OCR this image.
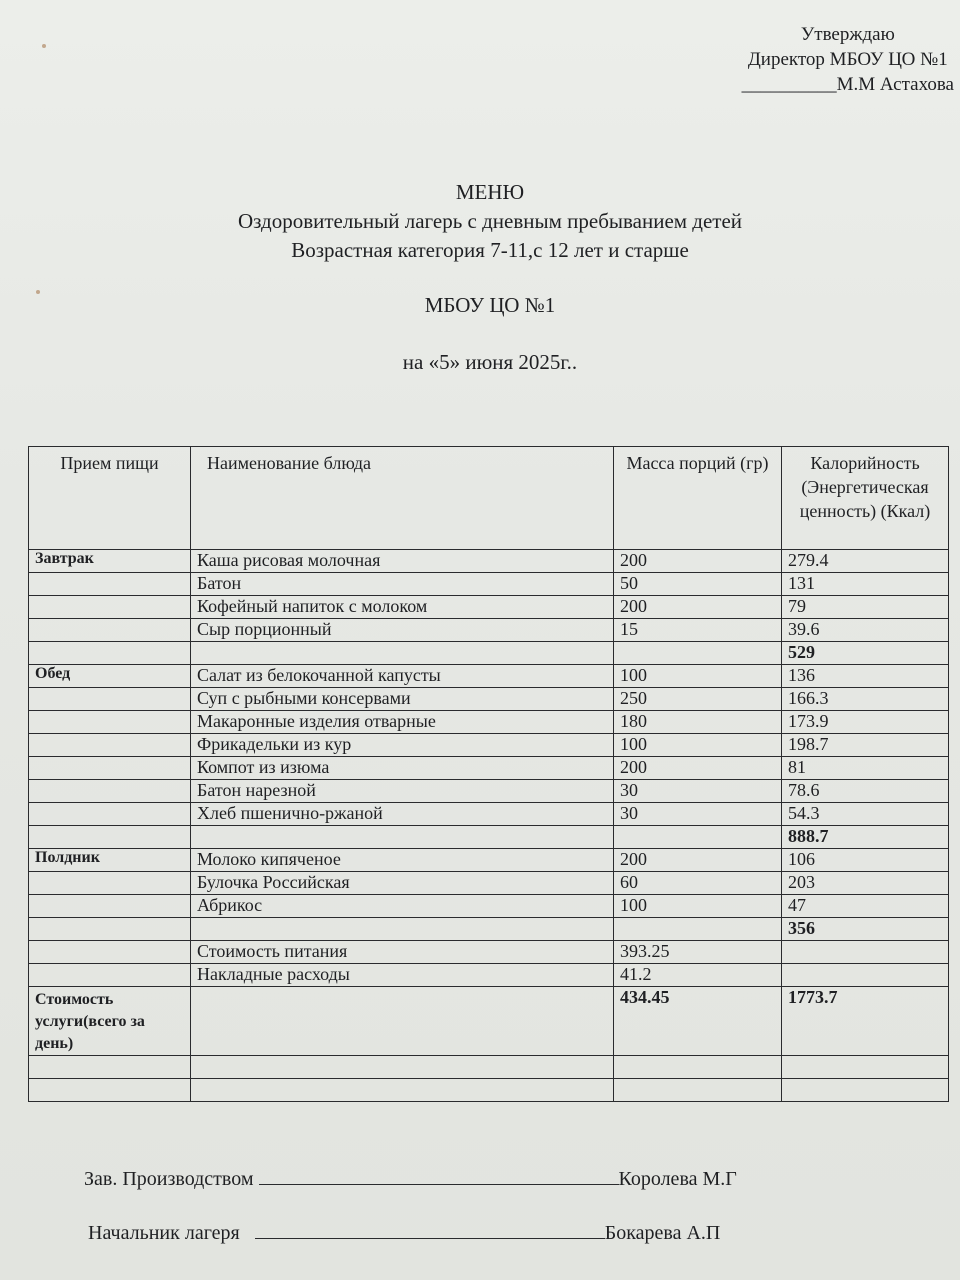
Утверждаю
Директор МБОУ ЦО №1
__________М.М Астахова
МЕНЮ
Оздоровительный лагерь с дневным пребыванием детей
Возрастная категория 7-11,с 12 лет и старше
МБОУ ЦО №1
на «5» июня 2025г..
Прием пищи	Наименование блюда	Масса порций (гр)	Калорийность (Энергетическая ценность) (Ккал)
Завтрак	Каша рисовая молочная	200	279.4
	Батон	50	131
	Кофейный напиток с молоком	200	79
	Сыр порционный	15	39.6
			529
Обед	Салат из белокочанной капусты	100	136
	Суп с рыбными консервами	250	166.3
	Макаронные изделия отварные	180	173.9
	Фрикадельки из кур	100	198.7
	Компот из изюма	200	81
	Батон нарезной	30	78.6
	Хлеб пшенично-ржаной	30	54.3
			888.7
Полдник	Молоко кипяченое	200	106
	Булочка Российская	60	203
	Абрикос	100	47
			356
	Стоимость питания	393.25	
	Накладные расходы	41.2	
Стоимость услуги(всего за день)		434.45	1773.7

Зав. Производством	Королева М.Г
Начальник лагеря	Бокарева А.П
